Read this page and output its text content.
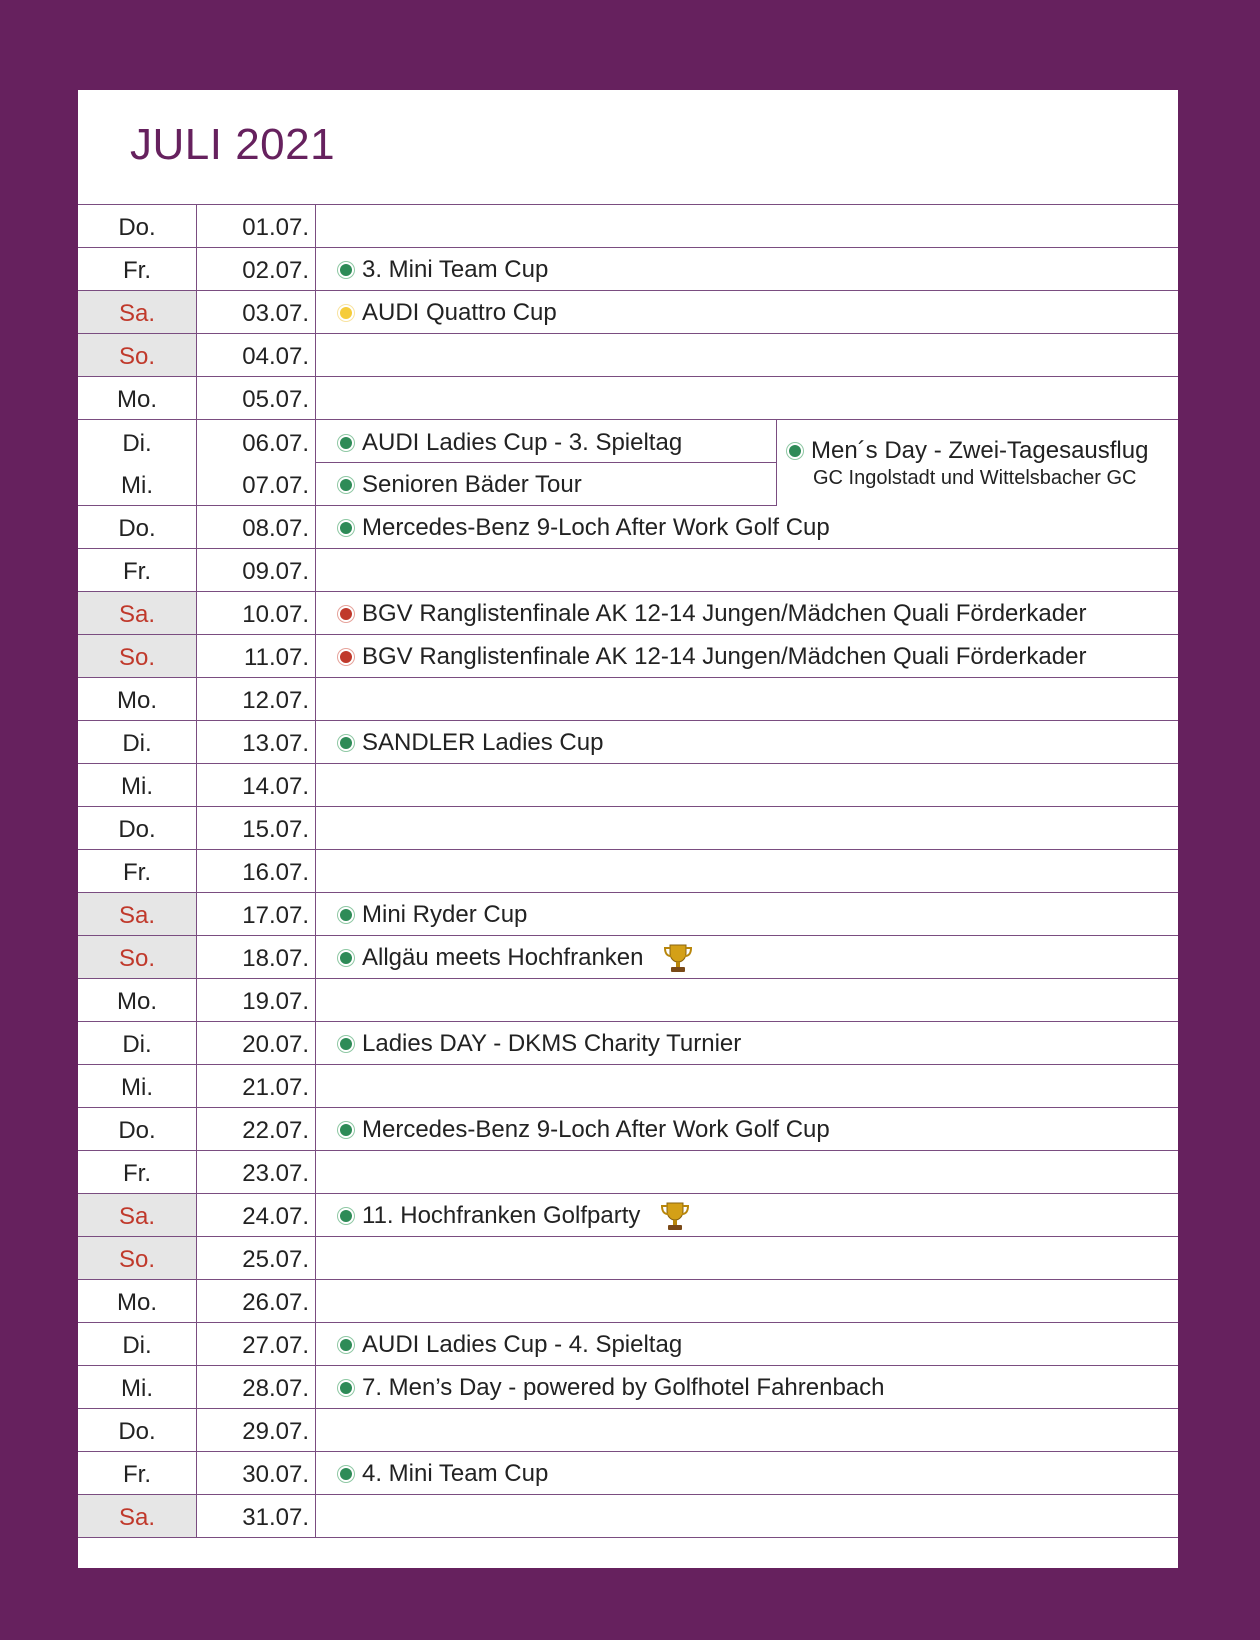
JULI 2021
Do.	01.07.
Fr.	02.07. 3. Mini Team Cup
Sa.	03.07. AUDI Quattro Cup
So.	04.07.
Mo.	05.07.
Di.	06.07. AUDI Ladies Cup - 3. Spieltag	Men´s Day - Zwei-Tagesausflug
GC Ingolstadt und Wittelsbacher GC
Mi.	07.07. Senioren Bäder Tour
Do.	08.07. Mercedes-Benz 9-Loch After Work Golf Cup
Fr.	09.07.
Sa.	10.07. BGV Ranglistenfinale AK 12-14 Jungen/Mädchen Quali Förderkader
So.	11.07. BGV Ranglistenfinale AK 12-14 Jungen/Mädchen Quali Förderkader
Mo.	12.07.
Di.	13.07. SANDLER Ladies Cup
Mi.	14.07.
Do.	15.07.
Fr.	16.07.
Sa.	17.07. Mini Ryder Cup
So.	18.07. Allgäu meets Hochfranken
Mo.	19.07.
Di.	20.07. Ladies DAY - DKMS Charity Turnier
Mi.	21.07.
Do.	22.07. Mercedes-Benz 9-Loch After Work Golf Cup
Fr.	23.07.
Sa.	24.07. 11. Hochfranken Golfparty
So.	25.07.
Mo.	26.07.
Di.	27.07. AUDI Ladies Cup - 4. Spieltag
Mi.	28.07. 7. Men’s Day - powered by Golfhotel Fahrenbach
Do.	29.07.
Fr.	30.07. 4. Mini Team Cup
Sa.	31.07.
